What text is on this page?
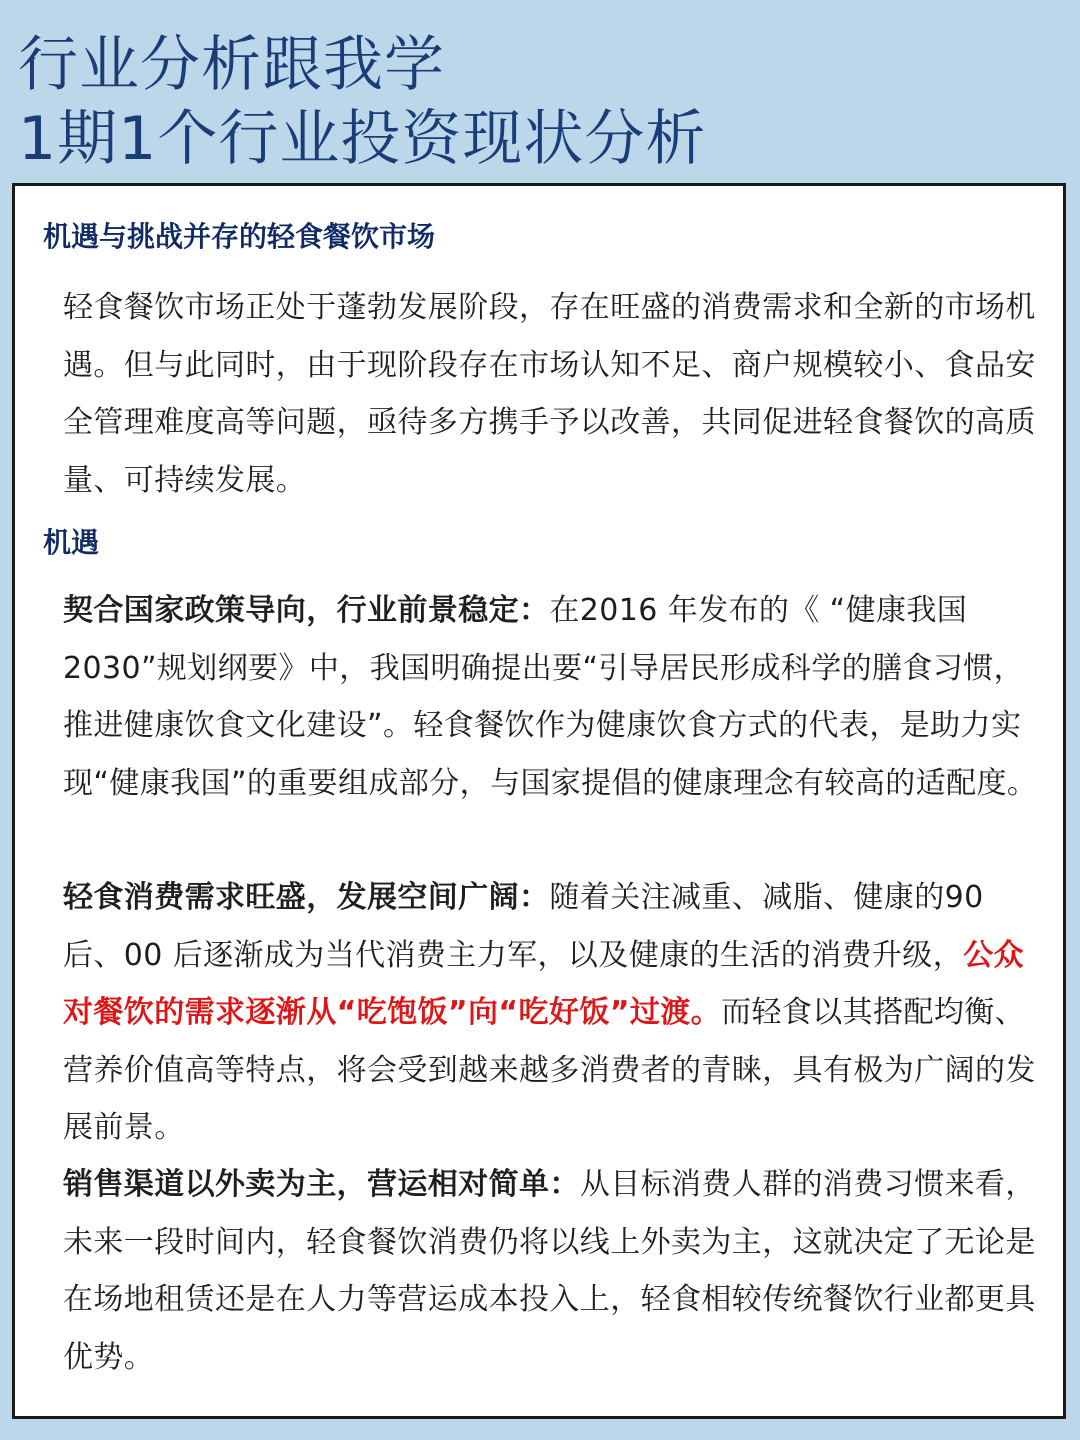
行业分析跟我学
1期1个行业投资现状分析
机遇与挑战并存的轻食餐饮市场
轻食餐饮市场正处于蓬勃发展阶段，存在旺盛的消费需求和全新的市场机遇。但与此同时，由于现阶段存在市场认知不足、商户规模较小、食品安全管理难度高等问题，亟待多方携手予以改善，共同促进轻食餐饮的高质量、可持续发展。
机遇
契合国家政策导向，行业前景稳定：在2016 年发布的《 “健康我国2030”规划纲要》中，我国明确提出要“引导居民形成科学的膳食习惯，推进健康饮食文化建设”。轻食餐饮作为健康饮食方式的代表，是助力实现“健康我国”的重要组成部分，与国家提倡的健康理念有较高的适配度。
轻食消费需求旺盛，发展空间广阔：随着关注减重、减脂、健康的90后、00 后逐渐成为当代消费主力军，以及健康的生活的消费升级，公众对餐饮的需求逐渐从“吃饱饭”向“吃好饭”过渡。而轻食以其搭配均衡、营养价值高等特点，将会受到越来越多消费者的青睐，具有极为广阔的发展前景。
销售渠道以外卖为主，营运相对简单：从目标消费人群的消费习惯来看，未来一段时间内，轻食餐饮消费仍将以线上外卖为主，这就决定了无论是在场地租赁还是在人力等营运成本投入上，轻食相较传统餐饮行业都更具优势。
